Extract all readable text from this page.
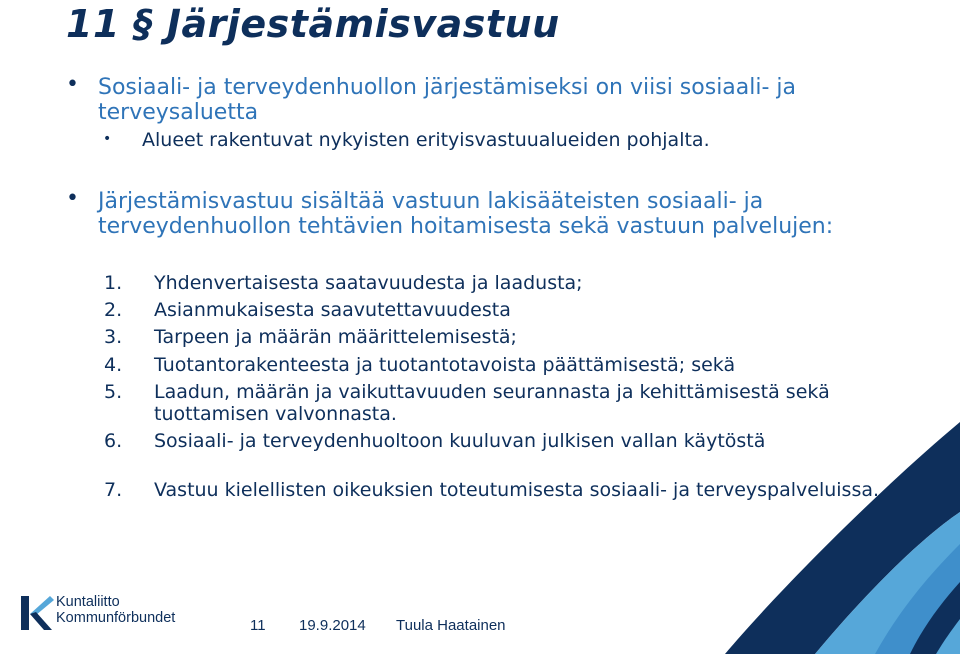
11 § Järjestämisvastuu
• Sosiaali- ja terveydenhuollon järjestämiseksi on viisi sosiaali- ja terveysaluetta

• Alueet rakentuvat nykyisten erityisvastuualueiden pohjalta.

• Järjestämisvastuu sisältää vastuun lakisääteisten sosiaali- ja terveydenhuollon tehtävien hoitamisesta sekä vastuun palvelujen:

1. Yhdenvertaisesta saatavuudesta ja laadusta;
2. Asianmukaisesta saavutettavuudesta
3. Tarpeen ja määrän määrittelemisestä;
4. Tuotantorakenteesta ja tuotantotavoista päättämisestä; sekä
5. Laadun, määrän ja vaikuttavuuden seurannasta ja kehittämisestä sekä tuottamisen valvonnasta.
6. Sosiaali- ja terveydenhuoltoon kuuluvan julkisen vallan käytöstä
7. Vastuu kielellisten oikeuksien toteutumisesta sosiaali- ja terveyspalveluissa.
Kuntaliitto
Kommunförbundet	11 19.9.2014 Tuula Haatainen
